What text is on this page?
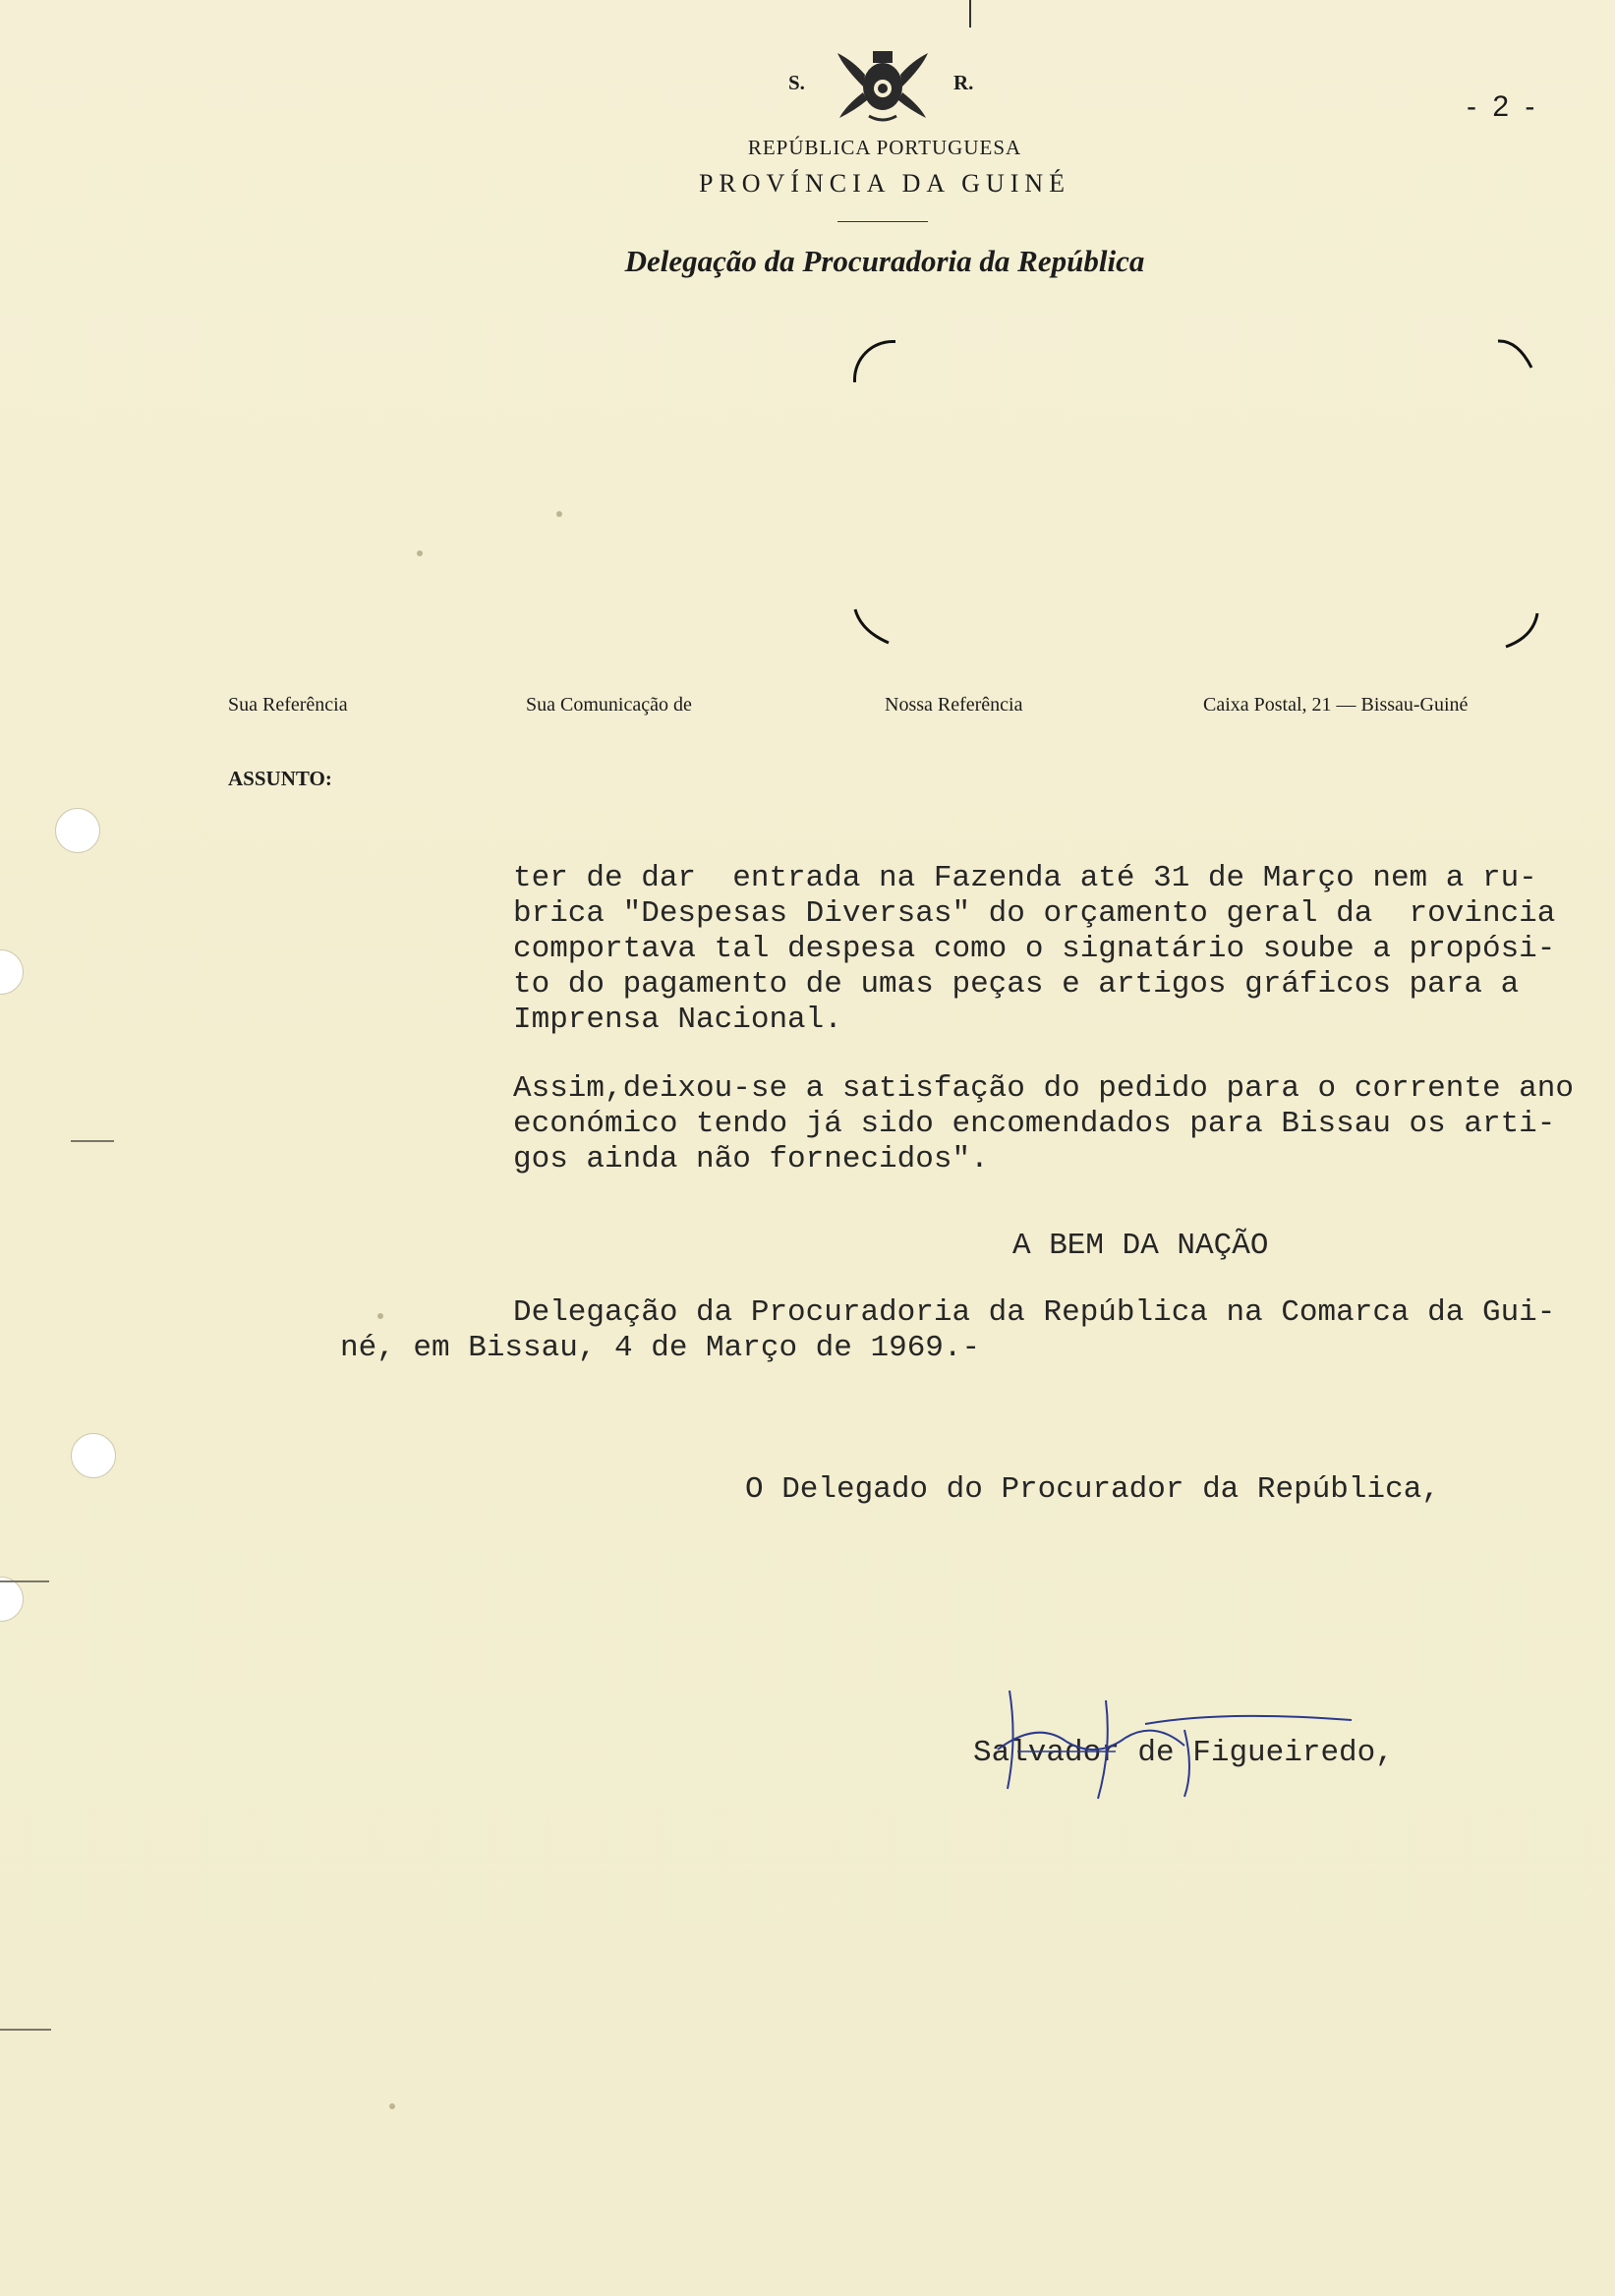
S.	R.
- 2 -
REPÚBLICA PORTUGUESA
PROVÍNCIA DA GUINÉ
Delegação da Procuradoria da República
Sua Referência	Sua Comunicação de	Nossa Referência	Caixa Postal, 21 — Bissau-Guiné
ASSUNTO:
ter de dar  entrada na Fazenda até 31 de Março nem a ru-
brica "Despesas Diversas" do orçamento geral da  rovincia
comportava tal despesa como o signatário soube a propósi-
to do pagamento de umas peças e artigos gráficos para a
Imprensa Nacional.
Assim,deixou-se a satisfação do pedido para o corrente ano
económico tendo já sido encomendados para Bissau os arti-
gos ainda não fornecidos".
A BEM DA NAÇÃO
Delegação da Procuradoria da República na Comarca da Gui-
né, em Bissau, 4 de Março de 1969.-
O Delegado do Procurador da República,
Salvador de Figueiredo,
